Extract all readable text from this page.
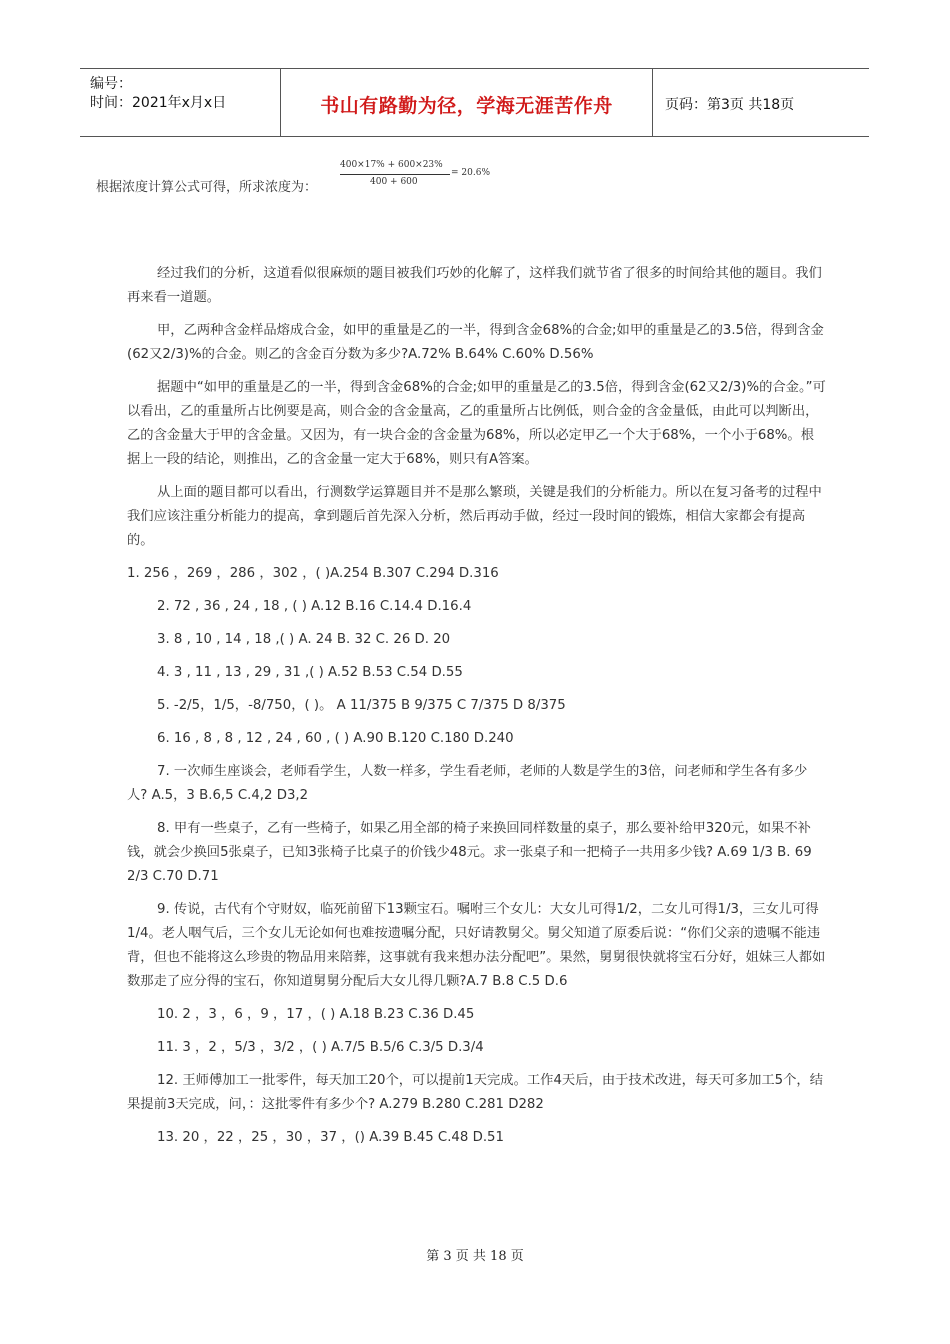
编号：
时间：2021年x月x日	书山有路勤为径，学海无涯苦作舟	页码：第3页 共18页
根据浓度计算公式可得，所求浓度为：
400×17% + 600×23%
400 + 600
= 20.6%

经过我们的分析，这道看似很麻烦的题目被我们巧妙的化解了，这样我们就节省了很多的时间给其他的题目。我们再来看一道题。

甲，乙两种含金样品熔成合金，如甲的重量是乙的一半，得到含金68%的合金;如甲的重量是乙的3.5倍，得到含金(62又2/3)%的合金。则乙的含金百分数为多少?A.72% B.64% C.60% D.56%

据题中“如甲的重量是乙的一半，得到含金68%的合金;如甲的重量是乙的3.5倍，得到含金(62又2/3)%的合金。”可以看出，乙的重量所占比例要是高，则合金的含金量高，乙的重量所占比例低，则合金的含金量低，由此可以判断出，乙的含金量大于甲的含金量。又因为，有一块合金的含金量为68%，所以必定甲乙一个大于68%，一个小于68%。根据上一段的结论，则推出，乙的含金量一定大于68%，则只有A答案。

从上面的题目都可以看出，行测数学运算题目并不是那么繁琐，关键是我们的分析能力。所以在复习备考的过程中我们应该注重分析能力的提高，拿到题后首先深入分析，然后再动手做，经过一段时间的锻炼，相信大家都会有提高的。

1. 256 ，269 ，286 ，302 ，( )A.254 B.307 C.294 D.316

2. 72 , 36 , 24 , 18 , ( ) A.12 B.16 C.14.4 D.16.4

3. 8 , 10 , 14 , 18 ,( ) A. 24 B. 32 C. 26 D. 20

4. 3 , 11 , 13 , 29 , 31 ,( ) A.52 B.53 C.54 D.55

5. -2/5，1/5，-8/750，( )。 A 11/375 B 9/375 C 7/375 D 8/375

6. 16 , 8 , 8 , 12 , 24 , 60 , ( ) A.90 B.120 C.180 D.240

7. 一次师生座谈会，老师看学生，人数一样多，学生看老师，老师的人数是学生的3倍，问老师和学生各有多少人? A.5，3 B.6,5 C.4,2 D3,2

8. 甲有一些桌子，乙有一些椅子，如果乙用全部的椅子来换回同样数量的桌子，那么要补给甲320元，如果不补钱，就会少换回5张桌子，已知3张椅子比桌子的价钱少48元。求一张桌子和一把椅子一共用多少钱? A.69 1/3 B. 69 2/3 C.70 D.71

9. 传说，古代有个守财奴，临死前留下13颗宝石。嘱咐三个女儿：大女儿可得1/2，二女儿可得1/3，三女儿可得1/4。老人咽气后，三个女儿无论如何也难按遗嘱分配，只好请教舅父。舅父知道了原委后说：“你们父亲的遗嘱不能违背，但也不能将这么珍贵的物品用来陪葬，这事就有我来想办法分配吧”。果然，舅舅很快就将宝石分好，姐妹三人都如数那走了应分得的宝石，你知道舅舅分配后大女儿得几颗?A.7 B.8 C.5 D.6

10. 2 ，3 ，6 ，9 ，17 ，( ) A.18 B.23 C.36 D.45

11. 3 ，2 ，5/3 ，3/2 ，( ) A.7/5 B.5/6 C.3/5 D.3/4

12. 王师傅加工一批零件，每天加工20个，可以提前1天完成。工作4天后，由于技术改进，每天可多加工5个，结果提前3天完成，问，：这批零件有多少个? A.279 B.280 C.281 D282

13. 20 ，22 ，25 ，30 ，37 ，() A.39 B.45 C.48 D.51

第 3 页 共 18 页
